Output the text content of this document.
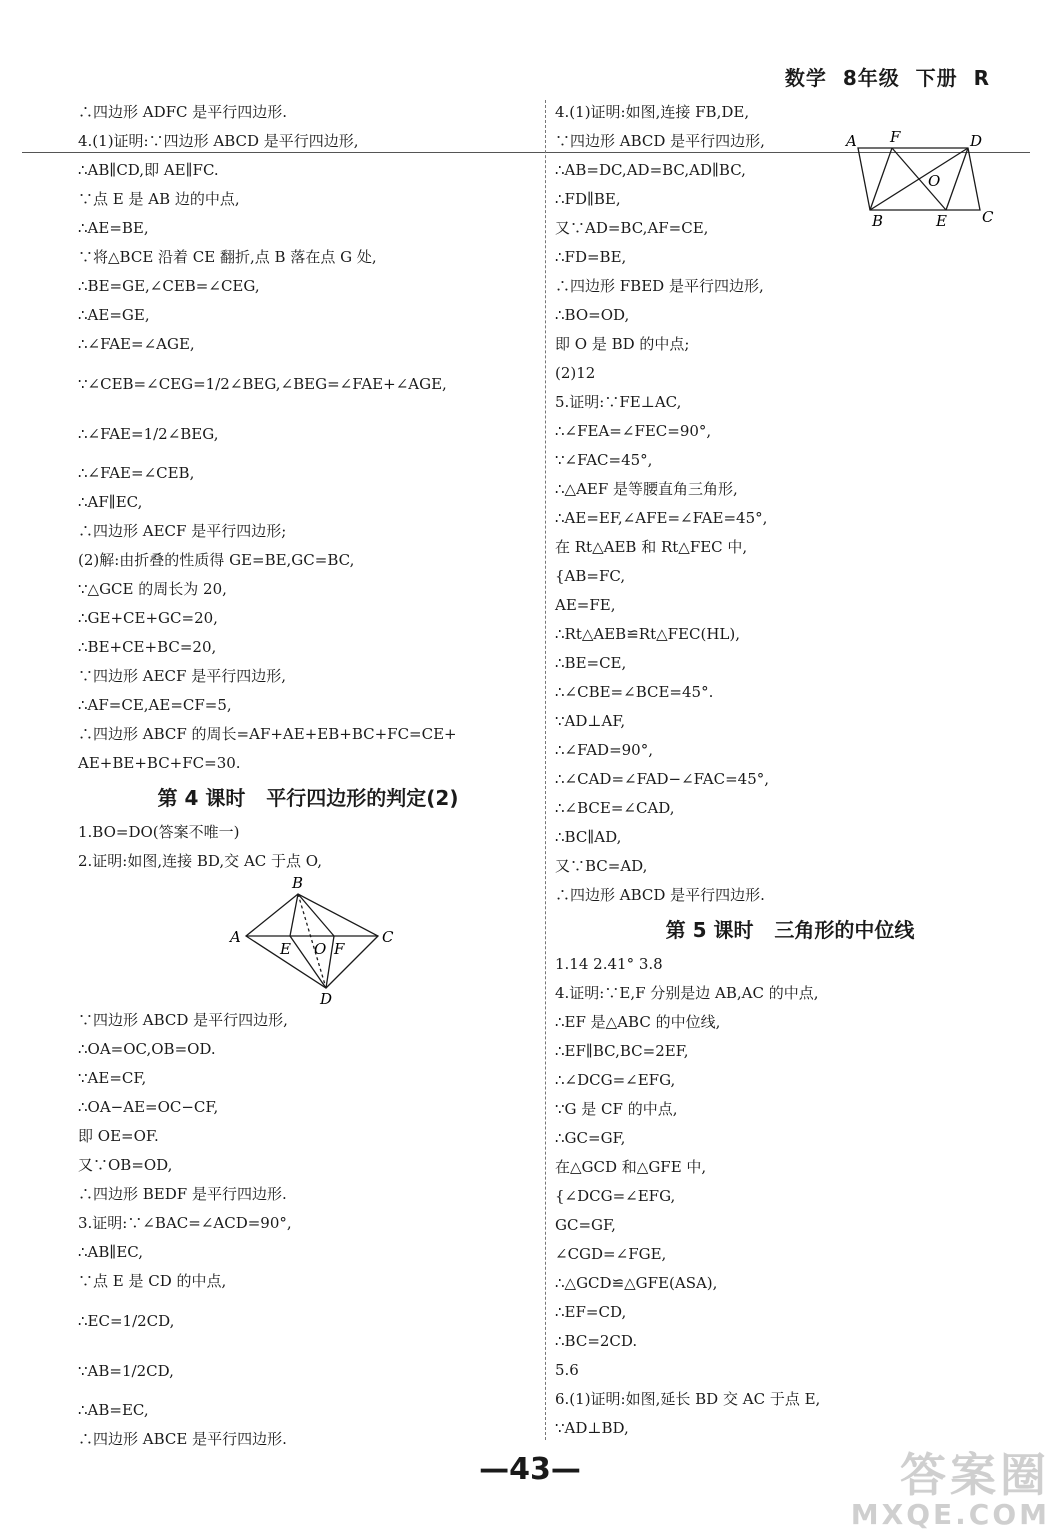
数学  8年级  下册  R
∴四边形 ADFC 是平行四边形.
4.(1)证明:∵四边形 ABCD 是平行四边形,
∴AB∥CD,即 AE∥FC.
∵点 E 是 AB 边的中点,
∴AE=BE,
∵将△BCE 沿着 CE 翻折,点 B 落在点 G 处,
∴BE=GE,∠CEB=∠CEG,
∴AE=GE,
∴∠FAE=∠AGE,
∵∠CEB=∠CEG=1/2∠BEG,∠BEG=∠FAE+∠AGE,
∴∠FAE=1/2∠BEG,
∴∠FAE=∠CEB,
∴AF∥EC,
∴四边形 AECF 是平行四边形;
(2)解:由折叠的性质得 GE=BE,GC=BC,
∵△GCE 的周长为 20,
∴GE+CE+GC=20,
∴BE+CE+BC=20,
∵四边形 AECF 是平行四边形,
∴AF=CE,AE=CF=5,
∴四边形 ABCF 的周长=AF+AE+EB+BC+FC=CE+
AE+BE+BC+FC=30.
第 4 课时   平行四边形的判定(2)
1.BO=DO(答案不唯一)
2.证明:如图,连接 BD,交 AC 于点 O,
A
B
C
D
E O F
∵四边形 ABCD 是平行四边形,
∴OA=OC,OB=OD.
∵AE=CF,
∴OA−AE=OC−CF,
即 OE=OF.
又∵OB=OD,
∴四边形 BEDF 是平行四边形.
3.证明:∵∠BAC=∠ACD=90°,
∴AB∥EC,
∵点 E 是 CD 的中点,
∴EC=1/2CD,
∵AB=1/2CD,
∴AB=EC,
∴四边形 ABCE 是平行四边形.
A F	D
O
B	E C
4.(1)证明:如图,连接 FB,DE,
∵四边形 ABCD 是平行四边形,
∴AB=DC,AD=BC,AD∥BC,
∴FD∥BE,
又∵AD=BC,AF=CE,
∴FD=BE,
∴四边形 FBED 是平行四边形,
∴BO=OD,
即 O 是 BD 的中点;
(2)12
5.证明:∵FE⊥AC,
∴∠FEA=∠FEC=90°,
∵∠FAC=45°,
∴△AEF 是等腰直角三角形,
∴AE=EF,∠AFE=∠FAE=45°,
在 Rt△AEB 和 Rt△FEC 中,
{AB=FC,
AE=FE,
∴Rt△AEB≌Rt△FEC(HL),
∴BE=CE,
∴∠CBE=∠BCE=45°.
∵AD⊥AF,
∴∠FAD=90°,
∴∠CAD=∠FAD−∠FAC=45°,
∴∠BCE=∠CAD,
∴BC∥AD,
又∵BC=AD,
∴四边形 ABCD 是平行四边形.
第 5 课时   三角形的中位线
1.14 2.41° 3.8
4.证明:∵E,F 分别是边 AB,AC 的中点,
∴EF 是△ABC 的中位线,
∴EF∥BC,BC=2EF,
∴∠DCG=∠EFG,
∵G 是 CF 的中点,
∴GC=GF,
在△GCD 和△GFE 中,
{∠DCG=∠EFG,
GC=GF,
∠CGD=∠FGE,
∴△GCD≌△GFE(ASA),
∴EF=CD,
∴BC=2CD.
5.6
6.(1)证明:如图,延长 BD 交 AC 于点 E,
∵AD⊥BD,
—43—	答案圈
MXQE.COM
